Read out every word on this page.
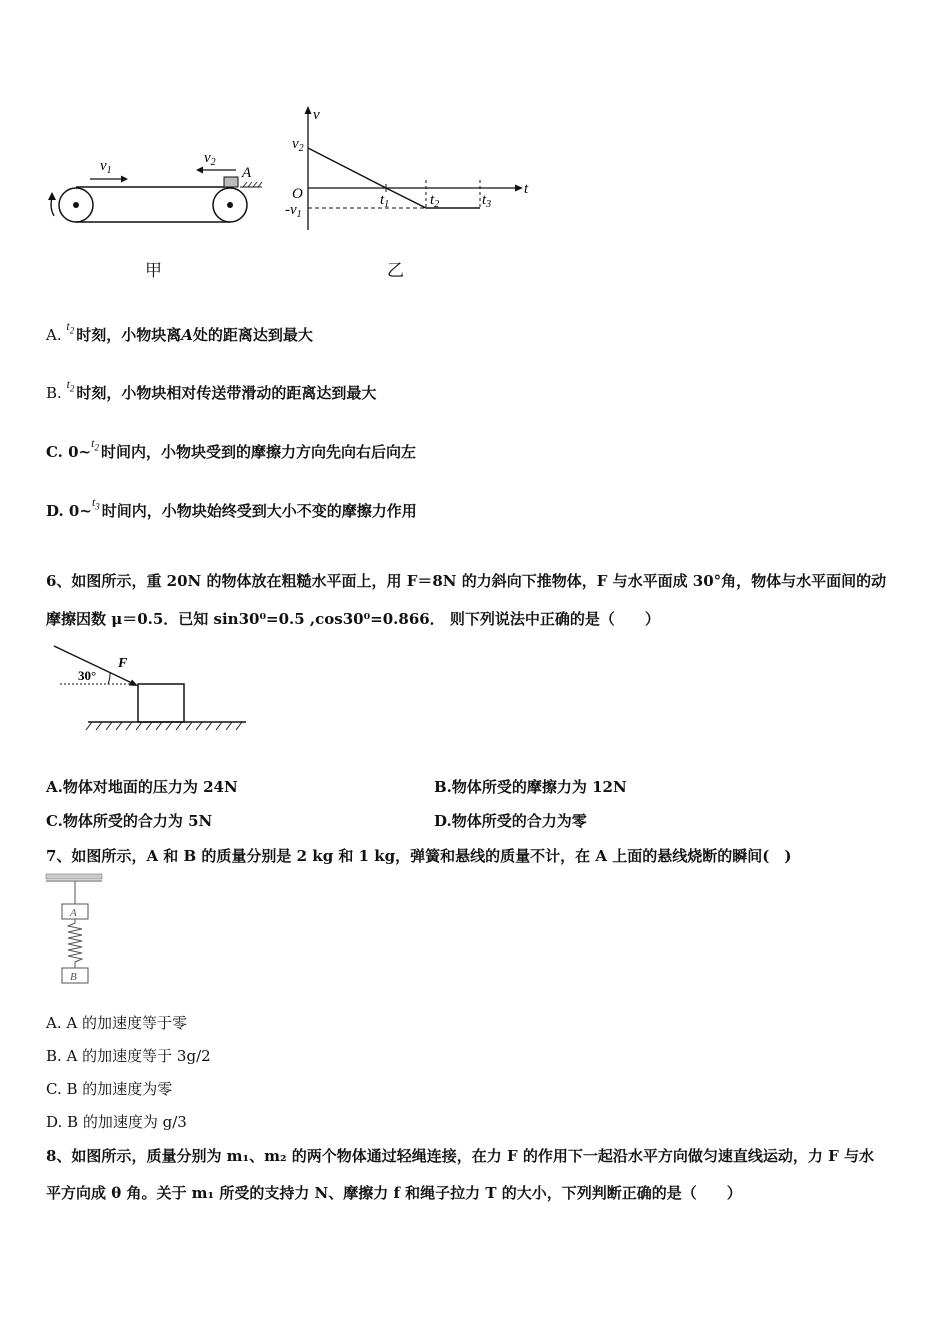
$v_1$
$v_2$
A
甲
v
t
O
$v_2$
$-v_1$
$t_1$	$t_2$	$t_3$
乙
A. $^{t_2}$ 时刻，小物块离A处的距离达到最大
B. $^{t_2}$ 时刻，小物块相对传送带滑动的距离达到最大
C. 0~$^{t_2}$ 时间内，小物块受到的摩擦力方向先向右后向左
D. 0~$^{t_3}$ 时间内，小物块始终受到大小不变的摩擦力作用
6、如图所示，重 20N 的物体放在粗糙水平面上，用 F＝8N 的力斜向下推物体，F 与水平面成 30°角，物体与水平面间的动
摩擦因数 μ＝0.5．已知 sin30⁰=0.5 ,cos30⁰=0.866． 则下列说法中正确的是（　　）
30°
F
A.物体对地面的压力为 24N	B.物体所受的摩擦力为 12N
C.物体所受的合力为 5N	D.物体所受的合力为零
7、如图所示，A 和 B 的质量分别是 2 kg 和 1 kg，弹簧和悬线的质量不计，在 A 上面的悬线烧断的瞬间(　)
A
B
A. A 的加速度等于零
B. A 的加速度等于 3g/2
C. B 的加速度为零
D. B 的加速度为 g/3
8、如图所示，质量分别为 m₁、m₂ 的两个物体通过轻绳连接，在力 F 的作用下一起沿水平方向做匀速直线运动，力 F 与水
平方向成 θ 角。关于 m₁ 所受的支持力 N、摩擦力 f 和绳子拉力 T 的大小，下列判断正确的是（　　）
